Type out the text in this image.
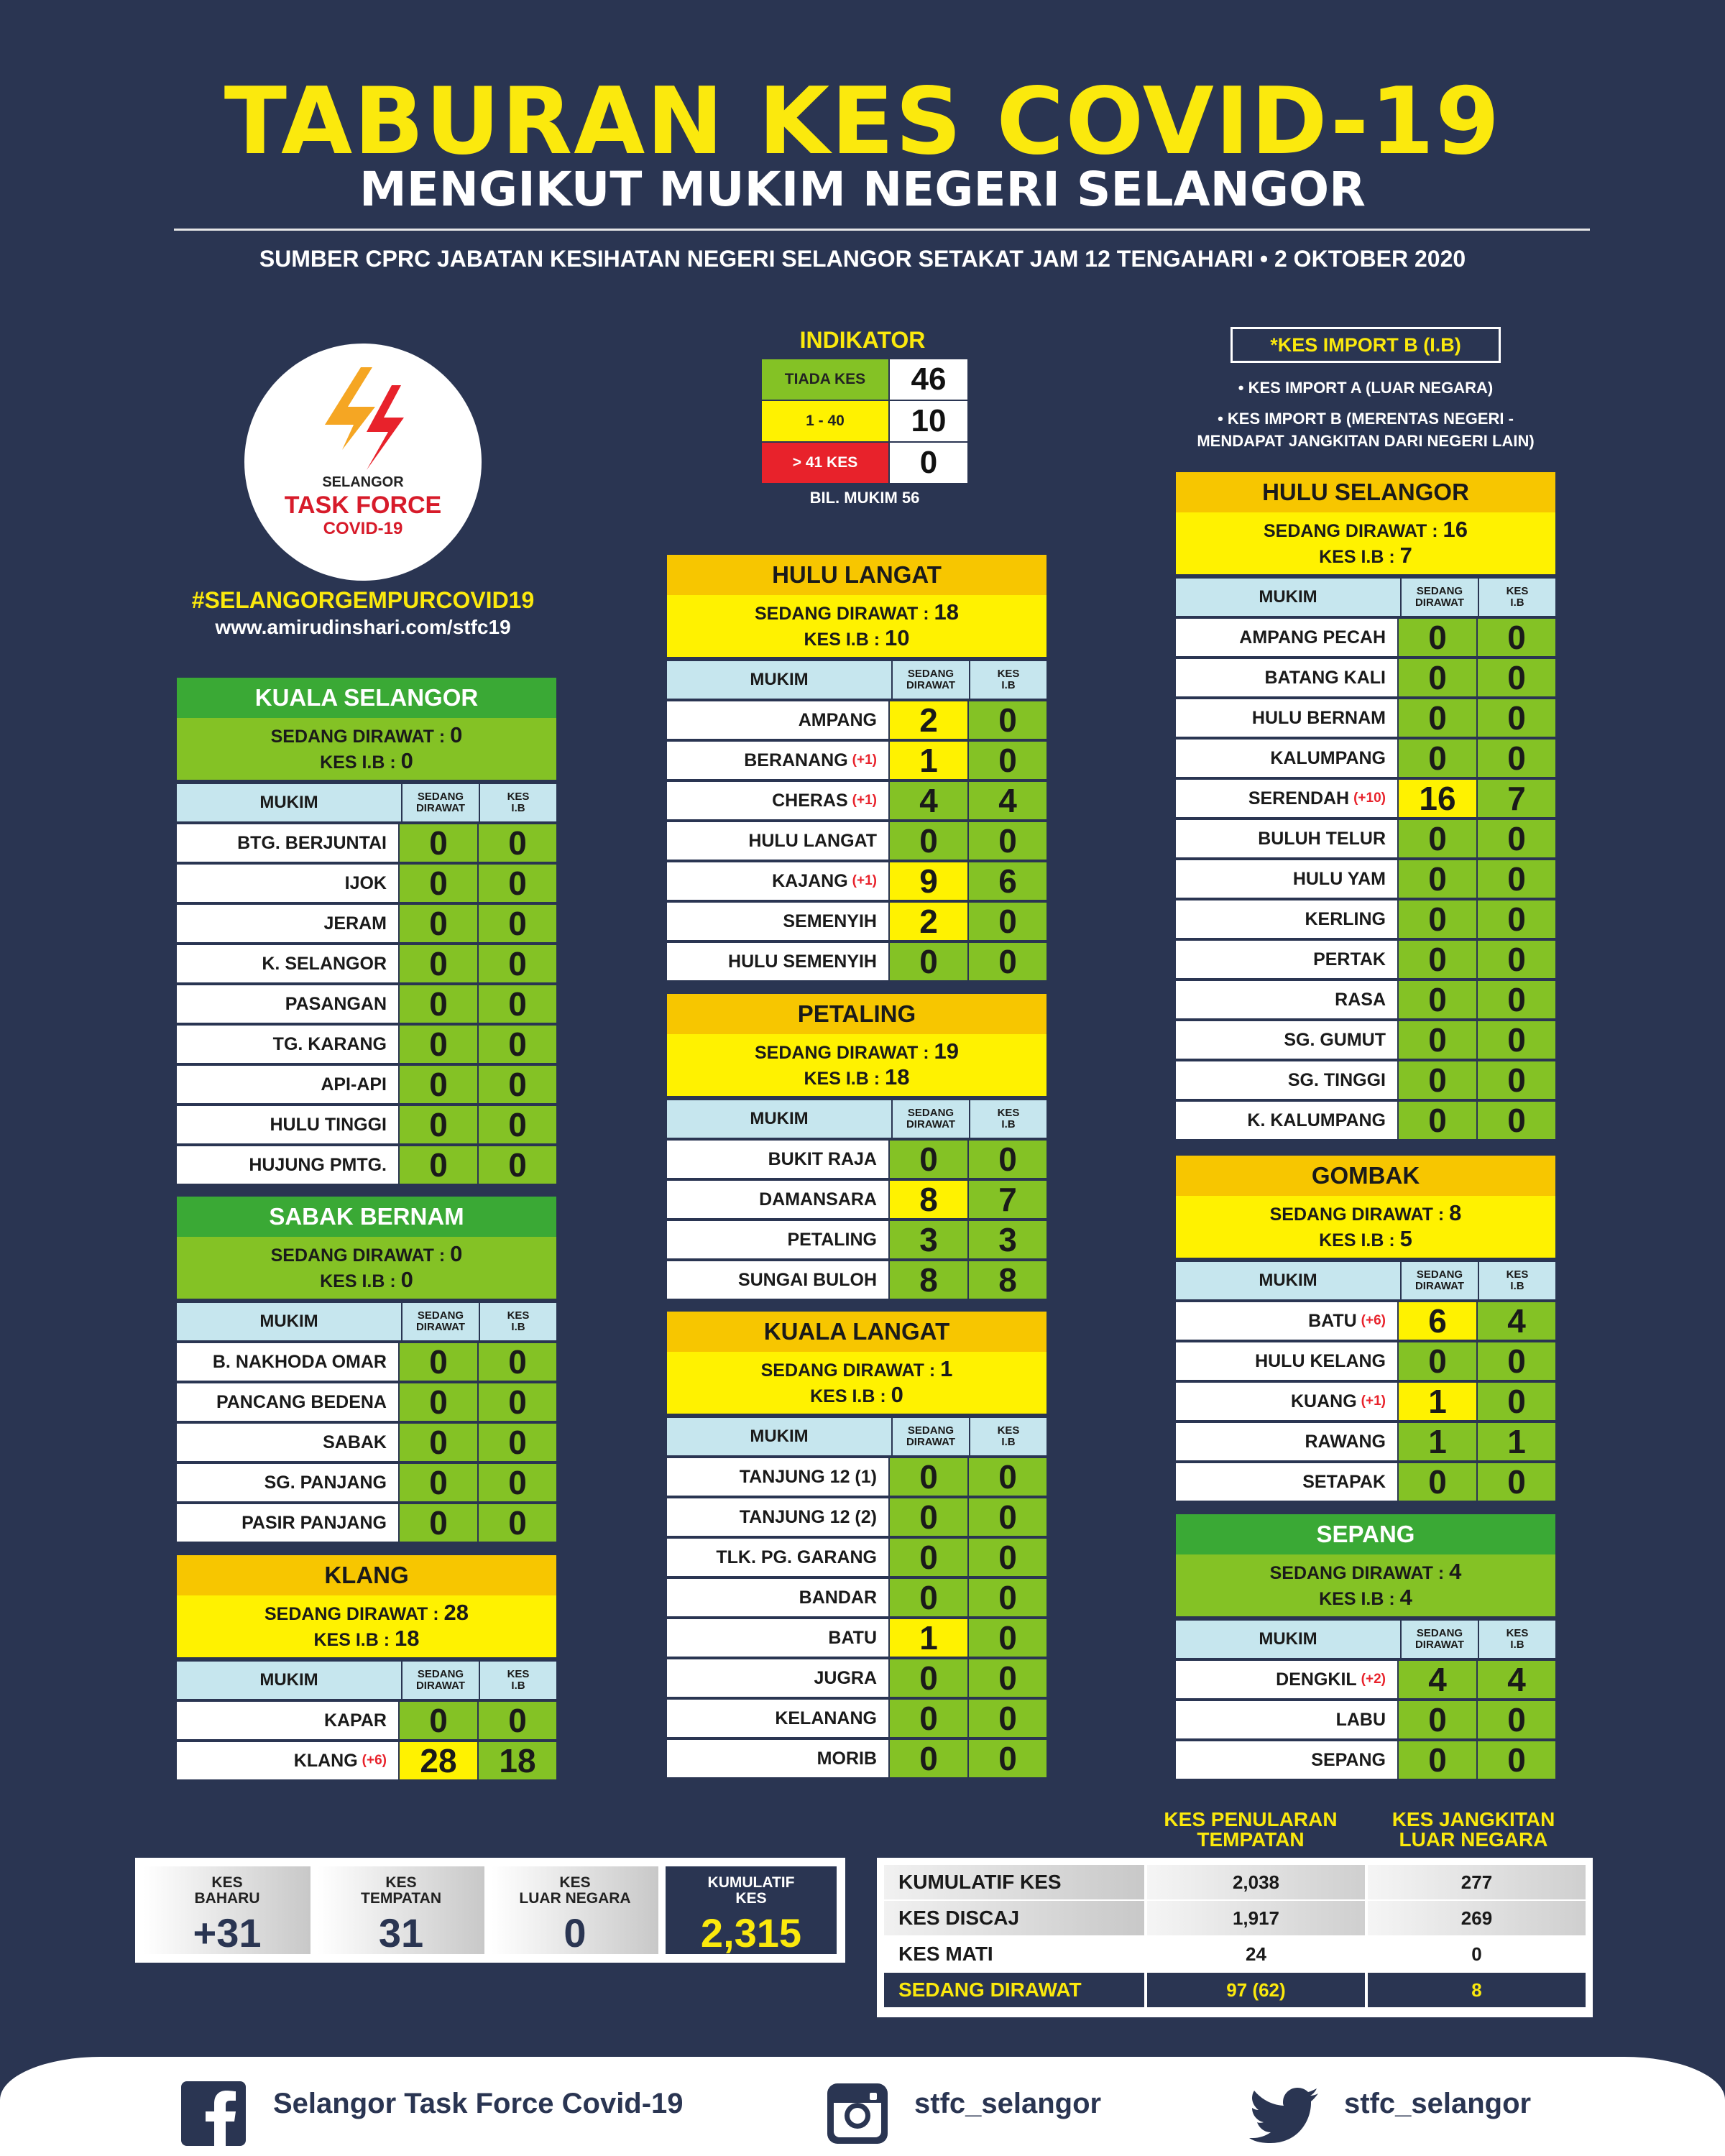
TABURAN KES COVID-19
MENGIKUT MUKIM NEGERI SELANGOR
SUMBER CPRC JABATAN KESIHATAN NEGERI SELANGOR SETAKAT JAM 12 TENGAHARI • 2 OKTOBER 2020
SELANGOR
TASK FORCE
COVID-19
#SELANGORGEMPURCOVID19
www.amirudinshari.com/stfc19
INDIKATOR
TIADA KES	46
1 - 40	10
> 41 KES	0
BIL. MUKIM 56
*KES IMPORT B (I.B)
• KES IMPORT A (LUAR NEGARA)
• KES IMPORT B (MERENTAS NEGERI -
MENDAPAT JANGKITAN DARI NEGERI LAIN)
KUALA SELANGOR
SEDANG DIRAWAT : 0
KES I.B : 0
MUKIM	SEDANG
DIRAWAT
KES
I.B
BTG. BERJUNTAI	0	0
IJOK	0	0
JERAM	0	0
K. SELANGOR	0	0
PASANGAN	0	0
TG. KARANG	0	0
API-API	0	0
HULU TINGGI	0	0
HUJUNG PMTG.	0	0
SABAK BERNAM
SEDANG DIRAWAT : 0
KES I.B : 0
MUKIM	SEDANG
DIRAWAT
KES
I.B
B. NAKHODA OMAR	0	0
PANCANG BEDENA	0	0
SABAK	0	0
SG. PANJANG	0	0
PASIR PANJANG	0	0
KLANG
SEDANG DIRAWAT : 28
KES I.B : 18
MUKIM	SEDANG
DIRAWAT
KES
I.B
KAPAR	0	0
KLANG (+6)	28	18
HULU LANGAT
SEDANG DIRAWAT : 18
KES I.B : 10
MUKIM	SEDANG
DIRAWAT
KES
I.B
AMPANG	2	0
BERANANG (+1)	1	0
CHERAS (+1)	4	4
HULU LANGAT	0	0
KAJANG (+1)	9	6
SEMENYIH	2	0
HULU SEMENYIH	0	0
PETALING
SEDANG DIRAWAT : 19
KES I.B : 18
MUKIM	SEDANG
DIRAWAT
KES
I.B
BUKIT RAJA	0	0
DAMANSARA	8	7
PETALING	3	3
SUNGAI BULOH	8	8
KUALA LANGAT
SEDANG DIRAWAT : 1
KES I.B : 0
MUKIM	SEDANG
DIRAWAT
KES
I.B
TANJUNG 12 (1)	0	0
TANJUNG 12 (2)	0	0
TLK. PG. GARANG	0	0
BANDAR	0	0
BATU	1	0
JUGRA	0	0
KELANANG	0	0
MORIB	0	0
HULU SELANGOR
SEDANG DIRAWAT : 16
KES I.B : 7
MUKIM	SEDANG
DIRAWAT
KES
I.B
AMPANG PECAH	0	0
BATANG KALI	0	0
HULU BERNAM	0	0
KALUMPANG	0	0
SERENDAH (+10)	16	7
BULUH TELUR	0	0
HULU YAM	0	0
KERLING	0	0
PERTAK	0	0
RASA	0	0
SG. GUMUT	0	0
SG. TINGGI	0	0
K. KALUMPANG	0	0
GOMBAK
SEDANG DIRAWAT : 8
KES I.B : 5
MUKIM	SEDANG
DIRAWAT
KES
I.B
BATU (+6)	6	4
HULU KELANG	0	0
KUANG (+1)	1	0
RAWANG	1	1
SETAPAK	0	0
SEPANG
SEDANG DIRAWAT : 4
KES I.B : 4
MUKIM	SEDANG
DIRAWAT
KES
I.B
DENGKIL (+2)	4	4
LABU	0	0
SEPANG	0	0
KES
BAHARU
+31
KES
TEMPATAN
31
KES
LUAR NEGARA
0
KUMULATIF
KES
2,315
KES PENULARAN
TEMPATAN
KES JANGKITAN
LUAR NEGARA
KUMULATIF KES	2,038	277
KES DISCAJ	1,917	269
KES MATI	24	0
SEDANG DIRAWAT	97 (62)	8
Selangor Task Force Covid-19	stfc_selangor	stfc_selangor
